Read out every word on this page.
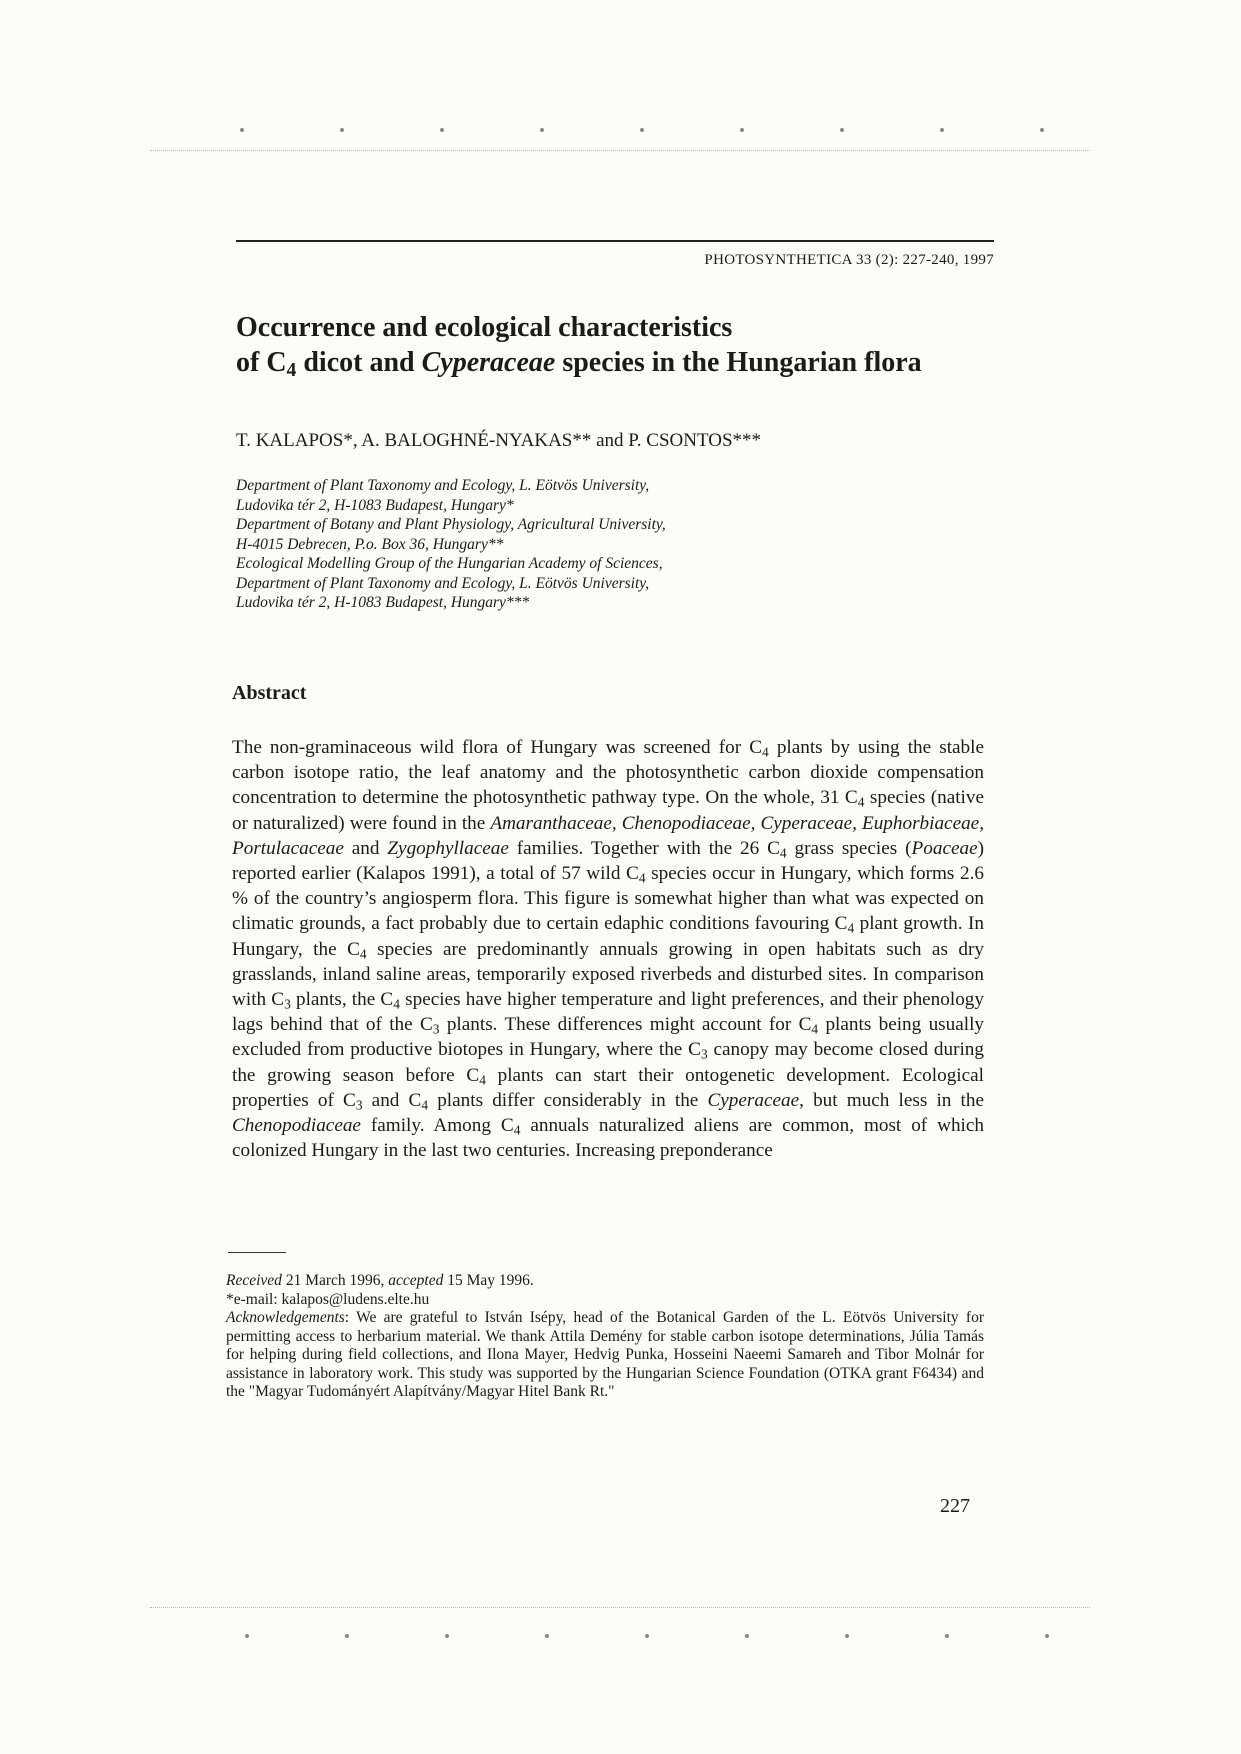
PHOTOSYNTHETICA 33 (2): 227-240, 1997
Occurrence and ecological characteristics
of $C_4$ dicot and Cyperaceae species in the Hungarian flora
T. KALAPOS*, A. BALOGHNÉ-NYAKAS** and P. CSONTOS***
Department of Plant Taxonomy and Ecology, L. Eötvös University,
Ludovika tér 2, H-1083 Budapest, Hungary*
Department of Botany and Plant Physiology, Agricultural University,
H-4015 Debrecen, P.o. Box 36, Hungary**
Ecological Modelling Group of the Hungarian Academy of Sciences,
Department of Plant Taxonomy and Ecology, L. Eötvös University,
Ludovika tér 2, H-1083 Budapest, Hungary***
Abstract

The non-graminaceous wild flora of Hungary was screened for $C_4$ plants by using the stable carbon isotope ratio, the leaf anatomy and the photosynthetic carbon dioxide compensation concentration to determine the photosynthetic pathway type. On the whole, 31 $C_4$ species (native or naturalized) were found in the Amaranthaceae, Chenopodiaceae, Cyperaceae, Euphorbiaceae, Portulacaceae and Zygophyllaceae families. Together with the 26 $C_4$ grass species (Poaceae) reported earlier (Kalapos 1991), a total of 57 wild $C_4$ species occur in Hungary, which forms 2.6 % of the country’s angiosperm flora. This figure is somewhat higher than what was expected on climatic grounds, a fact probably due to certain edaphic conditions favouring $C_4$ plant growth. In Hungary, the $C_4$ species are predominantly annuals growing in open habitats such as dry grasslands, inland saline areas, temporarily exposed riverbeds and disturbed sites. In comparison with $C_3$ plants, the $C_4$ species have higher temperature and light preferences, and their phenology lags behind that of the $C_3$ plants. These differences might account for $C_4$ plants being usually excluded from productive biotopes in Hungary, where the $C_3$ canopy may become closed during the growing season before $C_4$ plants can start their ontogenetic development. Ecological properties of $C_3$ and $C_4$ plants differ considerably in the Cyperaceae, but much less in the Chenopodiaceae family. Among $C_4$ annuals naturalized aliens are common, most of which colonized Hungary in the last two centuries. Increasing preponderance

Received 21 March 1996, accepted 15 May 1996.

*e-mail: kalapos@ludens.elte.hu

Acknowledgements: We are grateful to István Isépy, head of the Botanical Garden of the L. Eötvös University for permitting access to herbarium material. We thank Attila Demény for stable carbon isotope determinations, Júlia Tamás for helping during field collections, and Ilona Mayer, Hedvig Punka, Hosseini Naeemi Samareh and Tibor Molnár for assistance in laboratory work. This study was supported by the Hungarian Science Foundation (OTKA grant F6434) and the "Magyar Tudományért Alapítvány/Magyar Hitel Bank Rt."

227
